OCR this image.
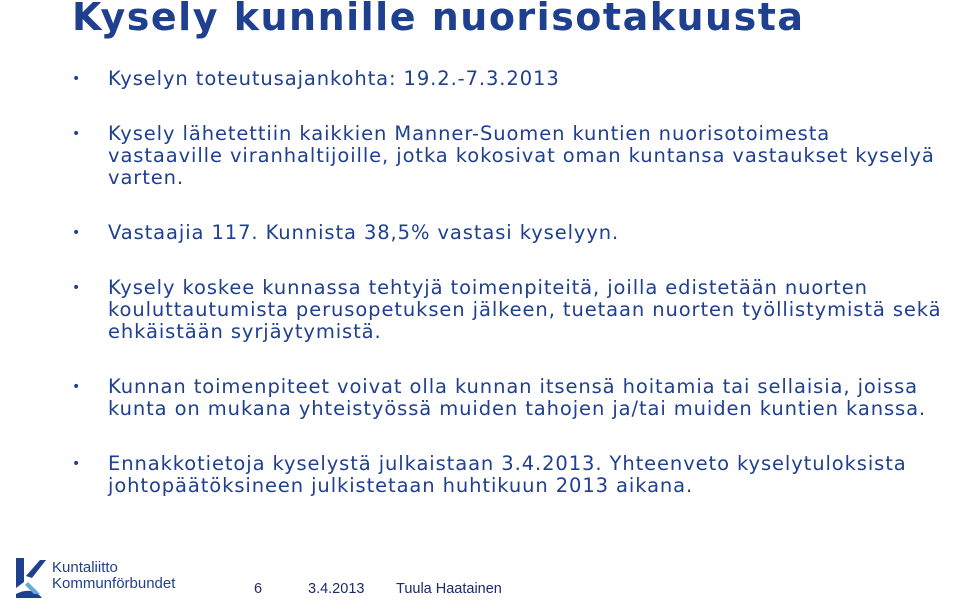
Kysely kunnille nuorisotakuusta
• Kyselyn toteutusajankohta: 19.2.-7.3.2013
• Kysely lähetettiin kaikkien Manner-Suomen kuntien nuorisotoimesta vastaaville viranhaltijoille, jotka kokosivat oman kuntansa vastaukset kyselyä varten.
• Vastaajia 117. Kunnista 38,5% vastasi kyselyyn.
• Kysely koskee kunnassa tehtyjä toimenpiteitä, joilla edistetään nuorten kouluttautumista perusopetuksen jälkeen, tuetaan nuorten työllistymistä sekä ehkäistään syrjäytymistä.
• Kunnan toimenpiteet voivat olla kunnan itsensä hoitamia tai sellaisia, joissa kunta on mukana yhteistyössä muiden tahojen ja/tai muiden kuntien kanssa.
• Ennakkotietoja kyselystä julkaistaan 3.4.2013. Yhteenveto kyselytuloksista johtopäätöksineen julkistetaan huhtikuun 2013 aikana.
Kuntaliitto
Kommunförbundet	6	3.4.2013 Tuula Haatainen
